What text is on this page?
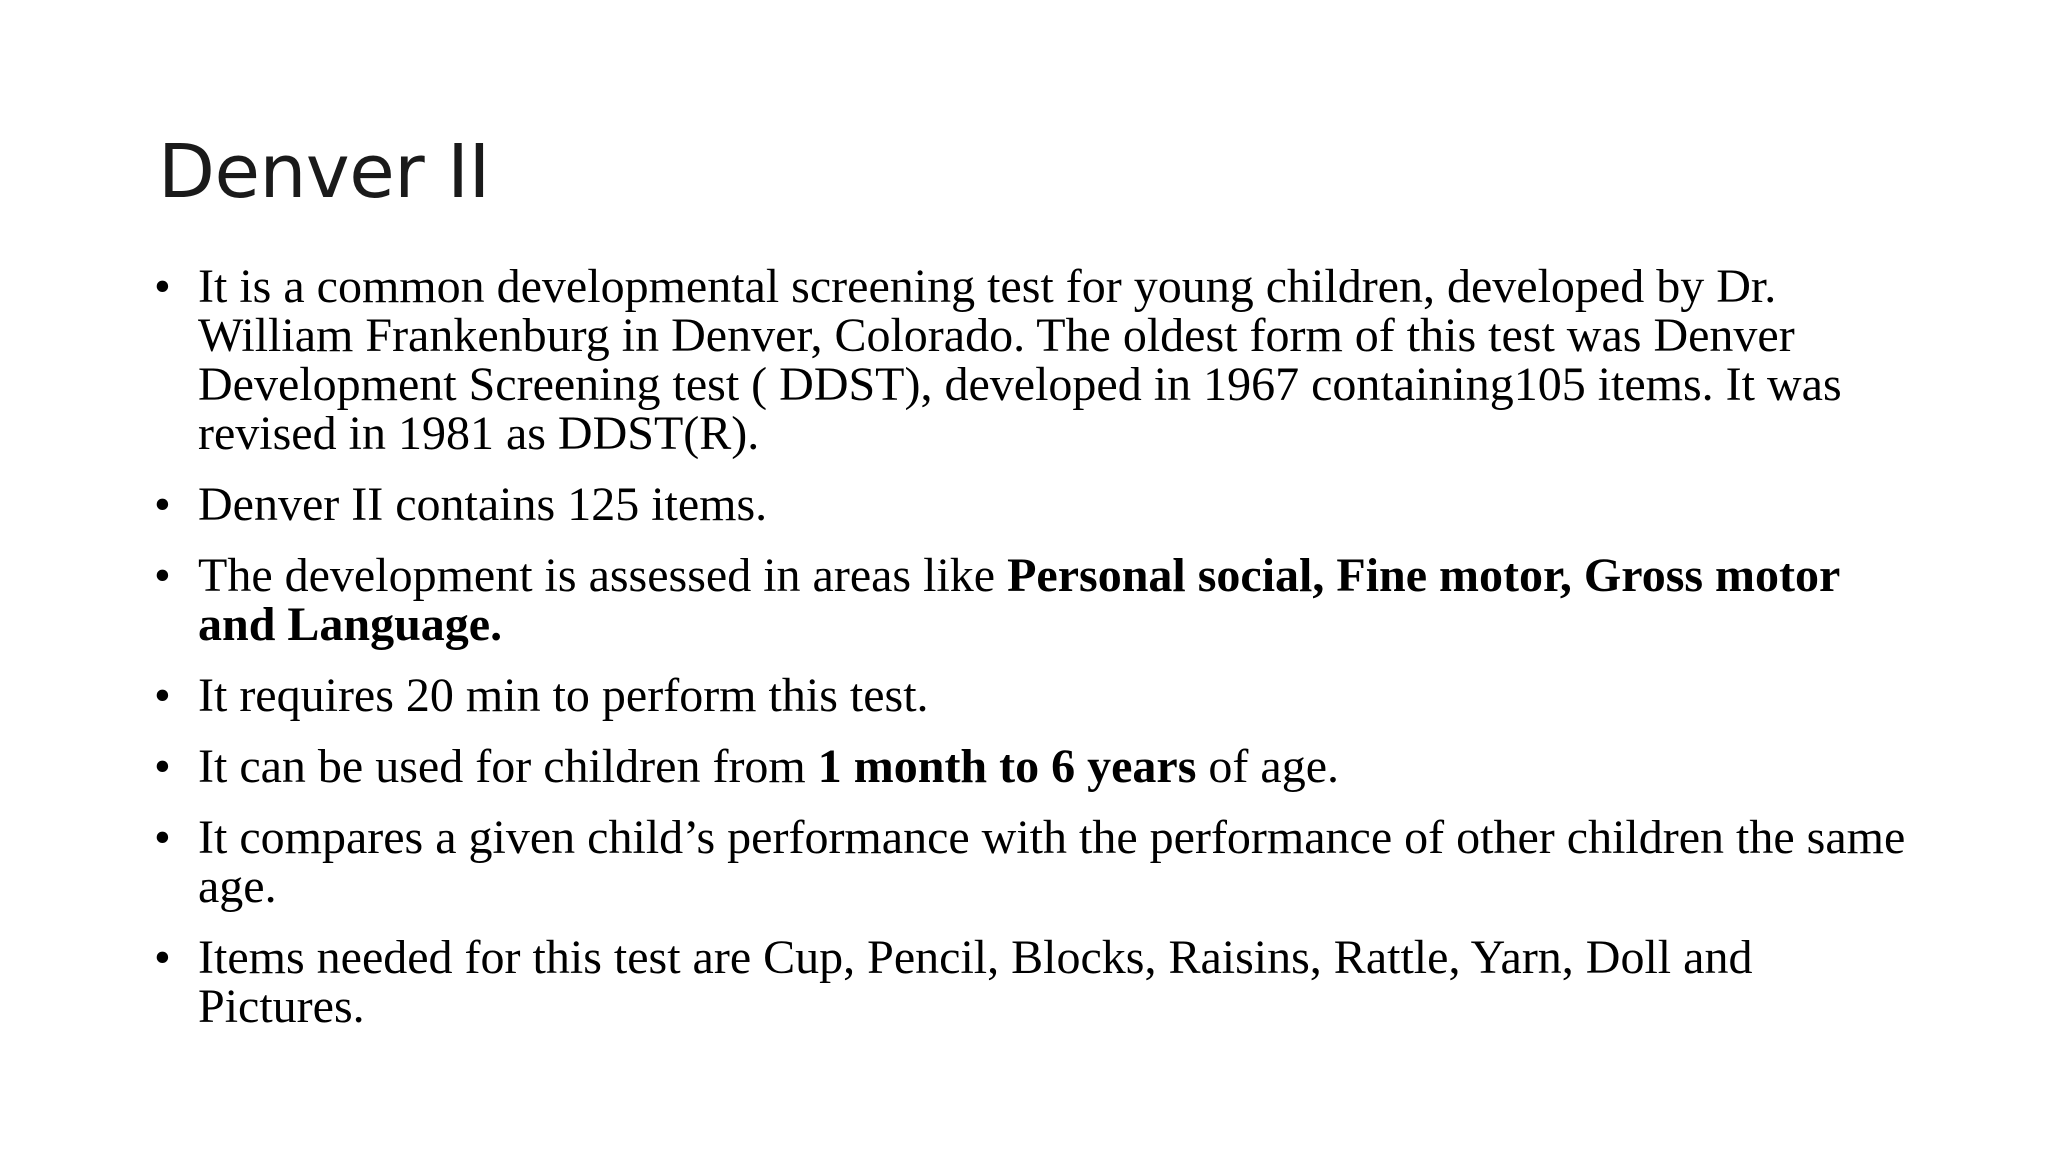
Denver II
• It is a common developmental screening test for young children, developed by Dr. William Frankenburg in Denver, Colorado. The oldest form of this test was Denver Development Screening test ( DDST), developed in 1967 containing105 items. It was revised in 1981 as DDST(R).
• Denver II contains 125 items.
• The development is assessed in areas like Personal social, Fine motor, Gross motor and Language.
• It requires 20 min to perform this test.
• It can be used for children from 1 month to 6 years of age.
• It compares a given child’s performance with the performance of other children the same age.
• Items needed for this test are Cup, Pencil, Blocks, Raisins, Rattle, Yarn, Doll and Pictures.
